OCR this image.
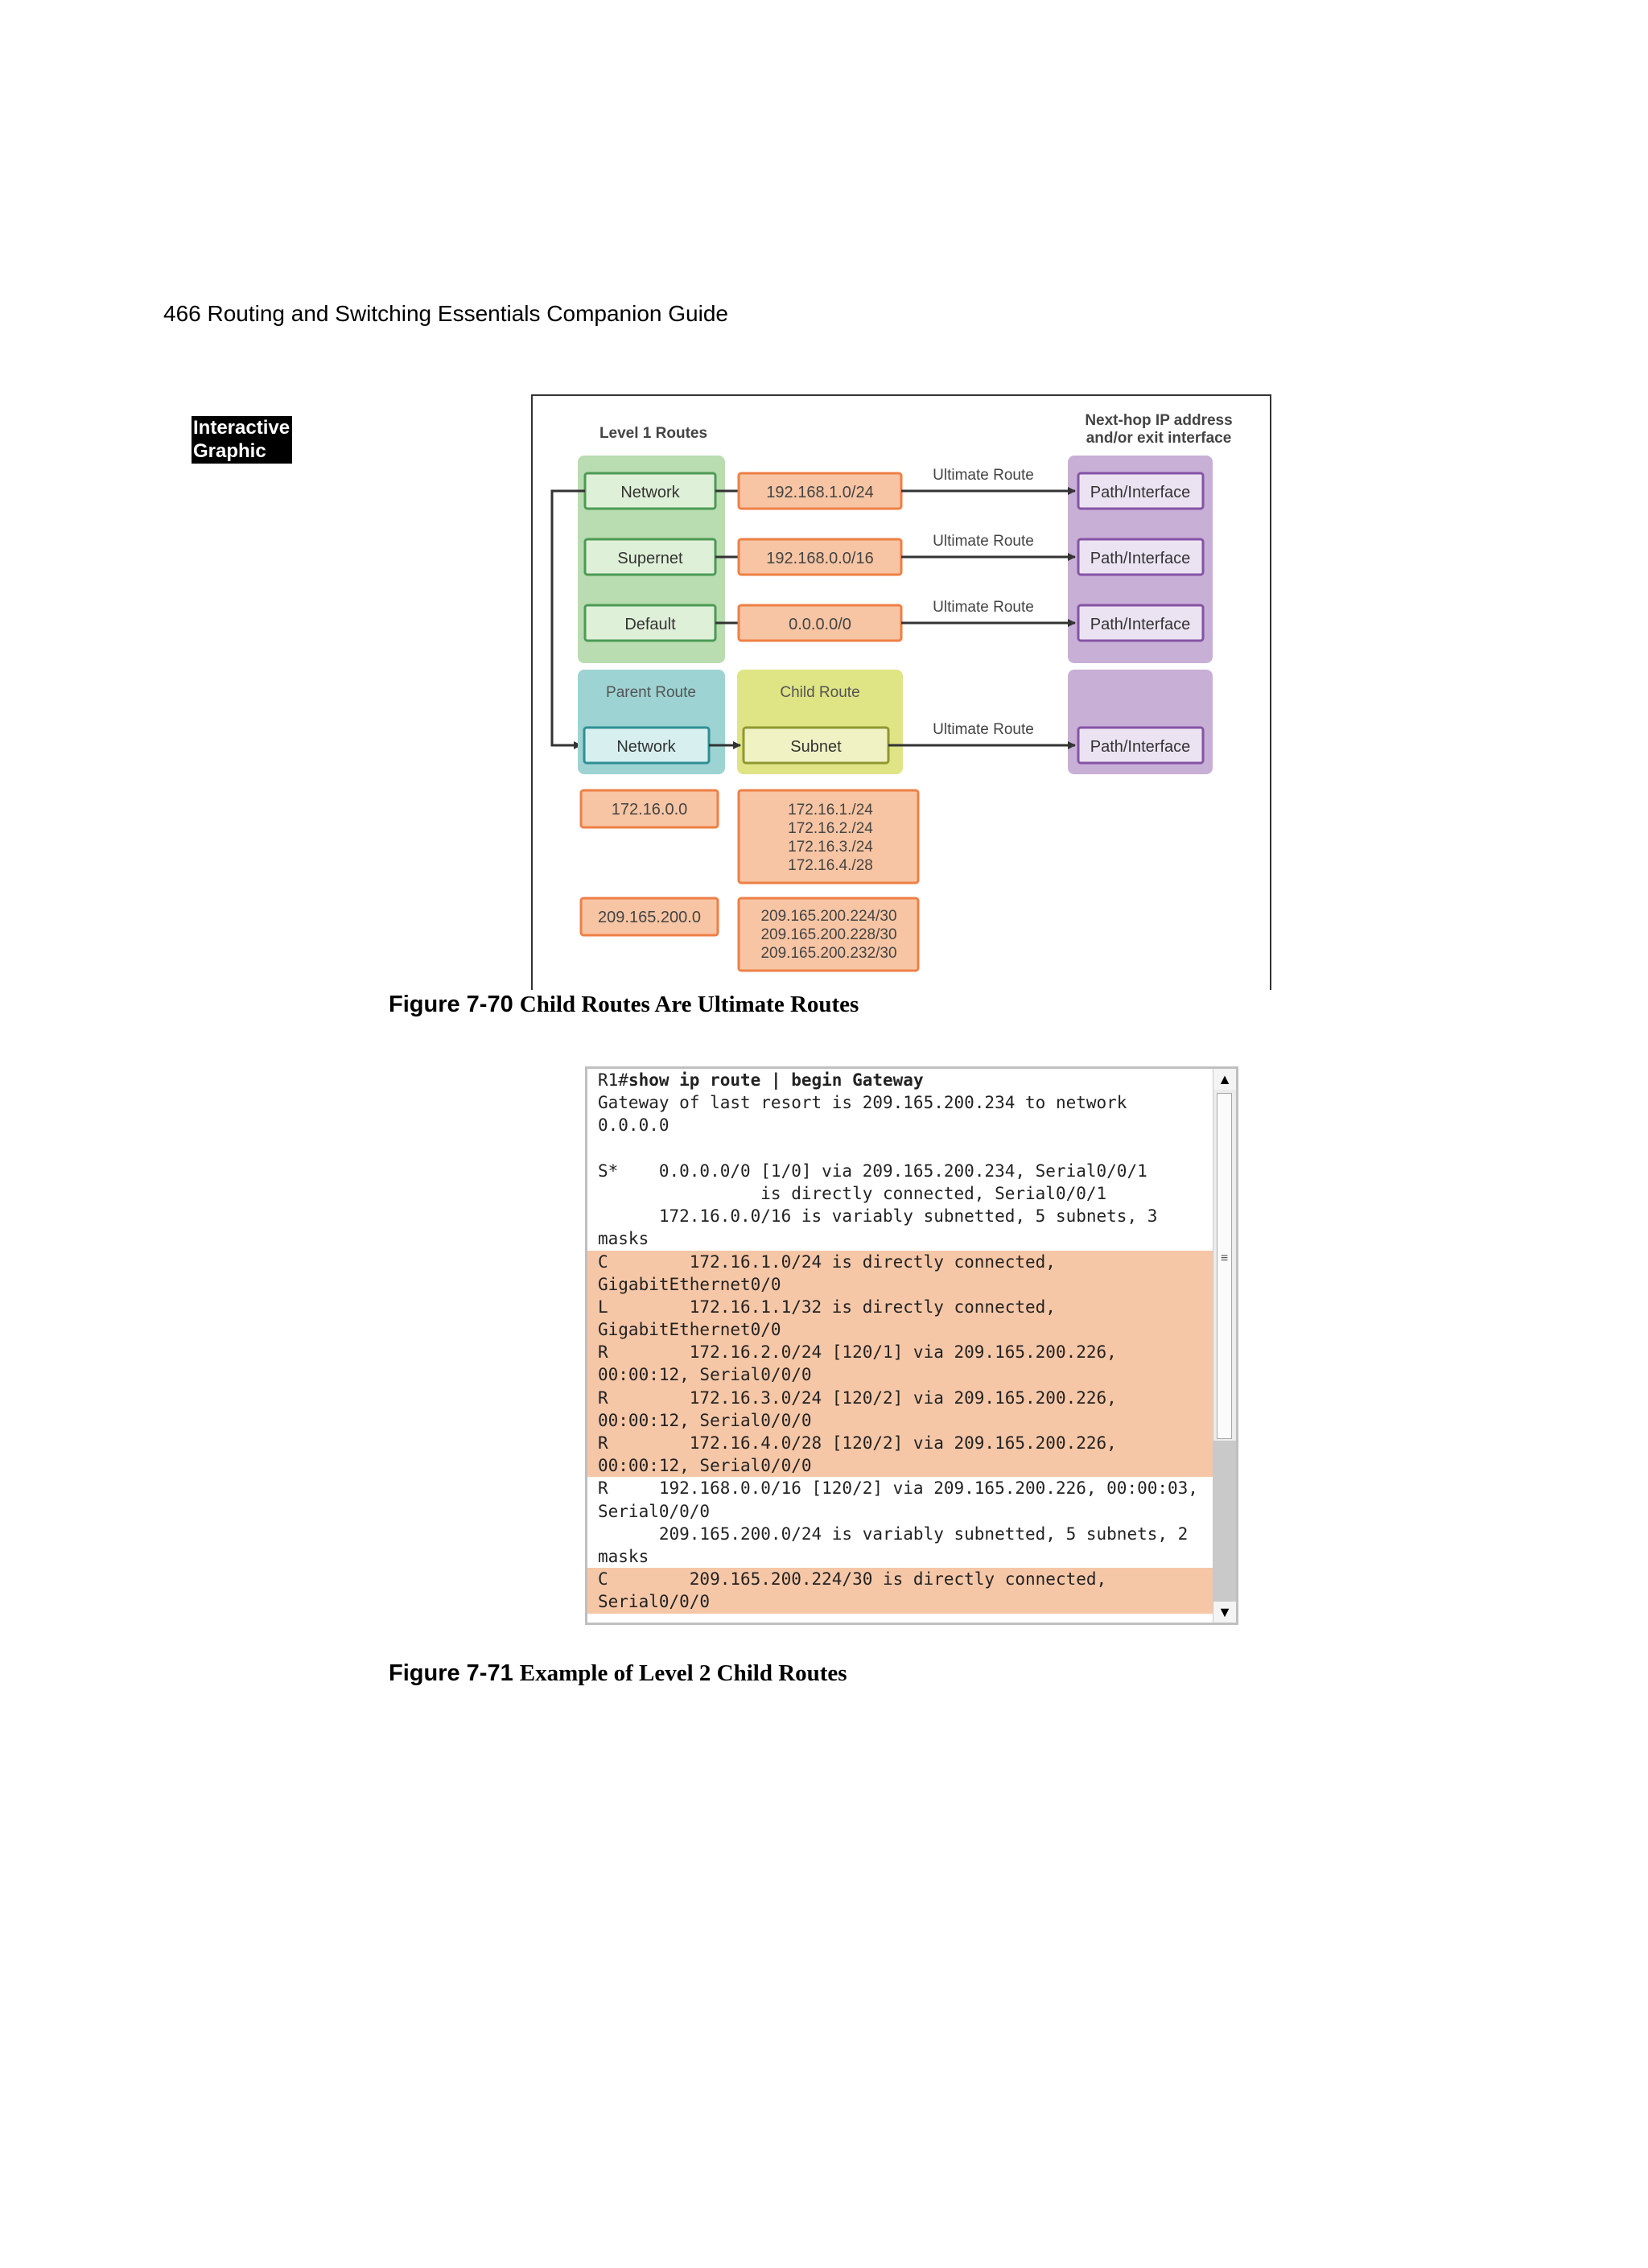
466 Routing and Switching Essentials Companion Guide
Interactive
Graphic
Level 1 Routes
Next-hop IP address
and/or exit interface
Network	192.168.1.0/24
Ultimate Route
Path/Interface
Supernet	192.168.0.0/16
Ultimate Route
Path/Interface
Default	0.0.0.0/0
Ultimate Route
Path/Interface
Parent Route	Child Route
Network	Subnet
Ultimate Route
Path/Interface
172.16.0.0	172.16.1./24
172.16.2./24
172.16.3./24
172.16.4./28
209.165.200.0	209.165.200.224/30
209.165.200.228/30
209.165.200.232/30
Figure 7-70 Child Routes Are Ultimate Routes
R1#show ip route | begin Gateway
Gateway of last resort is 209.165.200.234 to network
0.0.0.0
S*    0.0.0.0/0 [1/0] via 209.165.200.234, Serial0/0/1
is directly connected, Serial0/0/1
172.16.0.0/16 is variably subnetted, 5 subnets, 3
masks
C        172.16.1.0/24 is directly connected,
GigabitEthernet0/0
L        172.16.1.1/32 is directly connected,
GigabitEthernet0/0
R        172.16.2.0/24 [120/1] via 209.165.200.226,
00:00:12, Serial0/0/0
R        172.16.3.0/24 [120/2] via 209.165.200.226,
00:00:12, Serial0/0/0
R        172.16.4.0/28 [120/2] via 209.165.200.226,
00:00:12, Serial0/0/0
R     192.168.0.0/16 [120/2] via 209.165.200.226, 00:00:03,
Serial0/0/0
209.165.200.0/24 is variably subnetted, 5 subnets, 2
masks
C        209.165.200.224/30 is directly connected,
Serial0/0/0
▲
≡
▼
Figure 7-71 Example of Level 2 Child Routes
